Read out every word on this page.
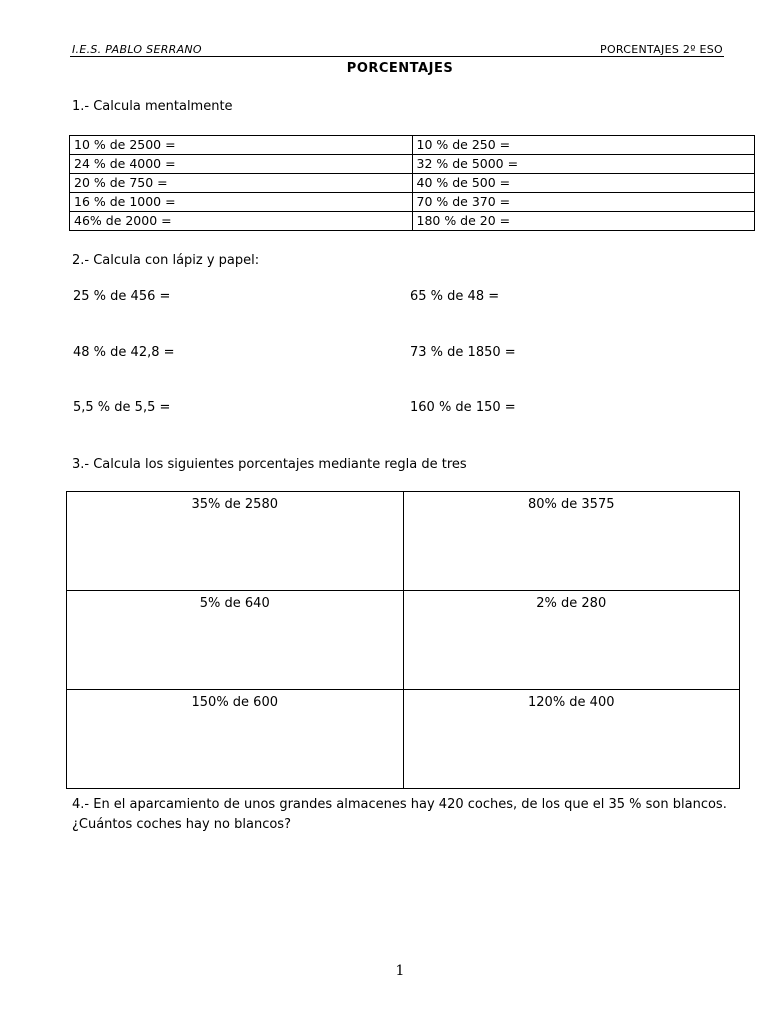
I.E.S. PABLO SERRANO	PORCENTAJES 2º ESO
PORCENTAJES
1.- Calcula mentalmente
10 % de 2500 =	10 % de 250 =
24 % de 4000 =	32 % de 5000 =
20 % de 750 =	40 % de 500 =
16 % de 1000 =	70 % de 370 =
46% de 2000 =	180 % de 20 =
2.- Calcula con lápiz y papel:
25 % de 456 =	65 % de 48 =
48 % de 42,8 =	73 % de 1850 =
5,5 % de 5,5 =	160 % de 150 =
3.- Calcula los siguientes porcentajes mediante regla de tres
35% de 2580	80% de 3575
5% de 640	2% de 280
150% de 600	120% de 400
4.- En el aparcamiento de unos grandes almacenes hay 420 coches, de los que el 35 % son blancos.
¿Cuántos coches hay no blancos?
1
